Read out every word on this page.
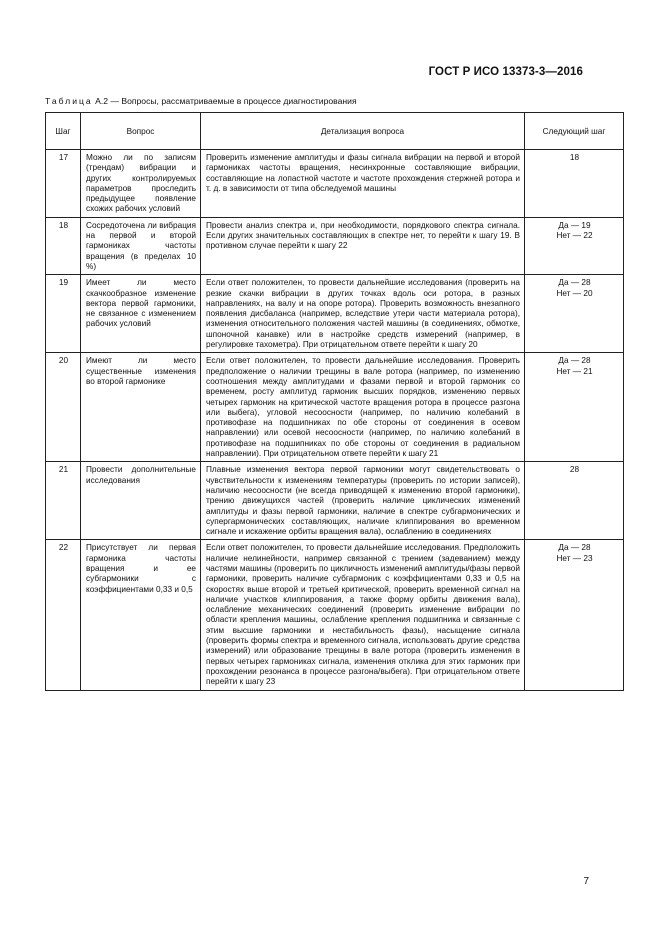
ГОСТ Р ИСО 13373-3—2016
Таблица А.2 — Вопросы, рассматриваемые в процессе диагностирования
Шаг	Вопрос	Детализация вопроса	Следующий шаг
17	Можно ли по записям (трендам) вибрации и других контролируемых параметров проследить предыдущее появление схожих рабочих условий	Проверить изменение амплитуды и фазы сигнала вибрации на первой и второй гармониках частоты вращения, несинхронные составляющие вибрации, составляющие на лопастной частоте и частоте прохождения стержней ротора и т. д. в зависимости от типа обследуемой машины	18
18	Сосредоточена ли вибрация на первой и второй гармониках частоты вращения (в пределах 10 %)	Провести анализ спектра и, при необходимости, порядкового спектра сигнала. Если других значительных составляющих в спектре нет, то перейти к шагу 19. В противном случае перейти к шагу 22	Да — 19
Нет — 22
19	Имеет ли место скачкообразное изменение вектора первой гармоники, не связанное с изменением рабочих условий	Если ответ положителен, то провести дальнейшие исследования (проверить на резкие скачки вибрации в других точках вдоль оси ротора, в разных направлениях, на валу и на опоре ротора). Проверить возможность внезапного появления дисбаланса (например, вследствие утери части материала ротора), изменения относительного положения частей машины (в соединениях, обмотке, шпоночной канавке) или в настройке средств измерений (например, в регулировке тахометра). При отрицательном ответе перейти к шагу 20	Да — 28
Нет — 20
20	Имеют ли место существенные изменения во второй гармонике	Если ответ положителен, то провести дальнейшие исследования. Проверить предположение о наличии трещины в вале ротора (например, по изменению соотношения между амплитудами и фазами первой и второй гармоник со временем, росту амплитуд гармоник высших порядков, изменению первых четырех гармоник на критической частоте вращения ротора в процессе разгона или выбега), угловой несоосности (например, по наличию колебаний в противофазе на подшипниках по обе стороны от соединения в осевом направлении) или осевой несоосности (например, по наличию колебаний в противофазе на подшипниках по обе стороны от соединения в радиальном направлении). При отрицательном ответе перейти к шагу 21	Да — 28
Нет — 21
21	Провести дополнительные исследования	Плавные изменения вектора первой гармоники могут свидетельствовать о чувствительности к изменениям температуры (проверить по истории записей), наличию несоосности (не всегда приводящей к изменению второй гармоники), трению движущихся частей (проверить наличие циклических изменений амплитуды и фазы первой гармоники, наличие в спектре субгармонических и супергармонических составляющих, наличие клиппирования во временном сигнале и искажение орбиты вращения вала), ослаблению в соединениях	28
22	Присутствует ли первая гармоника частоты вращения и ее субгармоники с коэффициентами 0,33 и 0,5	Если ответ положителен, то провести дальнейшие исследования. Предположить наличие нелинейности, например связанной с трением (задеванием) между частями машины (проверить по цикличность изменений амплитуды/фазы первой гармоники, проверить наличие субгармоник с коэффициентами 0,33 и 0,5 на скоростях выше второй и третьей критической, проверить временной сигнал на наличие участков клиппирования, а также форму орбиты движения вала), ослабление механических соединений (проверить изменение вибрации по области крепления машины, ослабление крепления подшипника и связанные с этим высшие гармоники и нестабильность фазы), насыщение сигнала (проверить формы спектра и временного сигнала, использовать другие средства измерений) или образование трещины в вале ротора (проверить изменения в первых четырех гармониках сигнала, изменения отклика для этих гармоник при прохождении резонанса в процессе разгона/выбега). При отрицательном ответе перейти к шагу 23	Да — 28
Нет — 23
7
